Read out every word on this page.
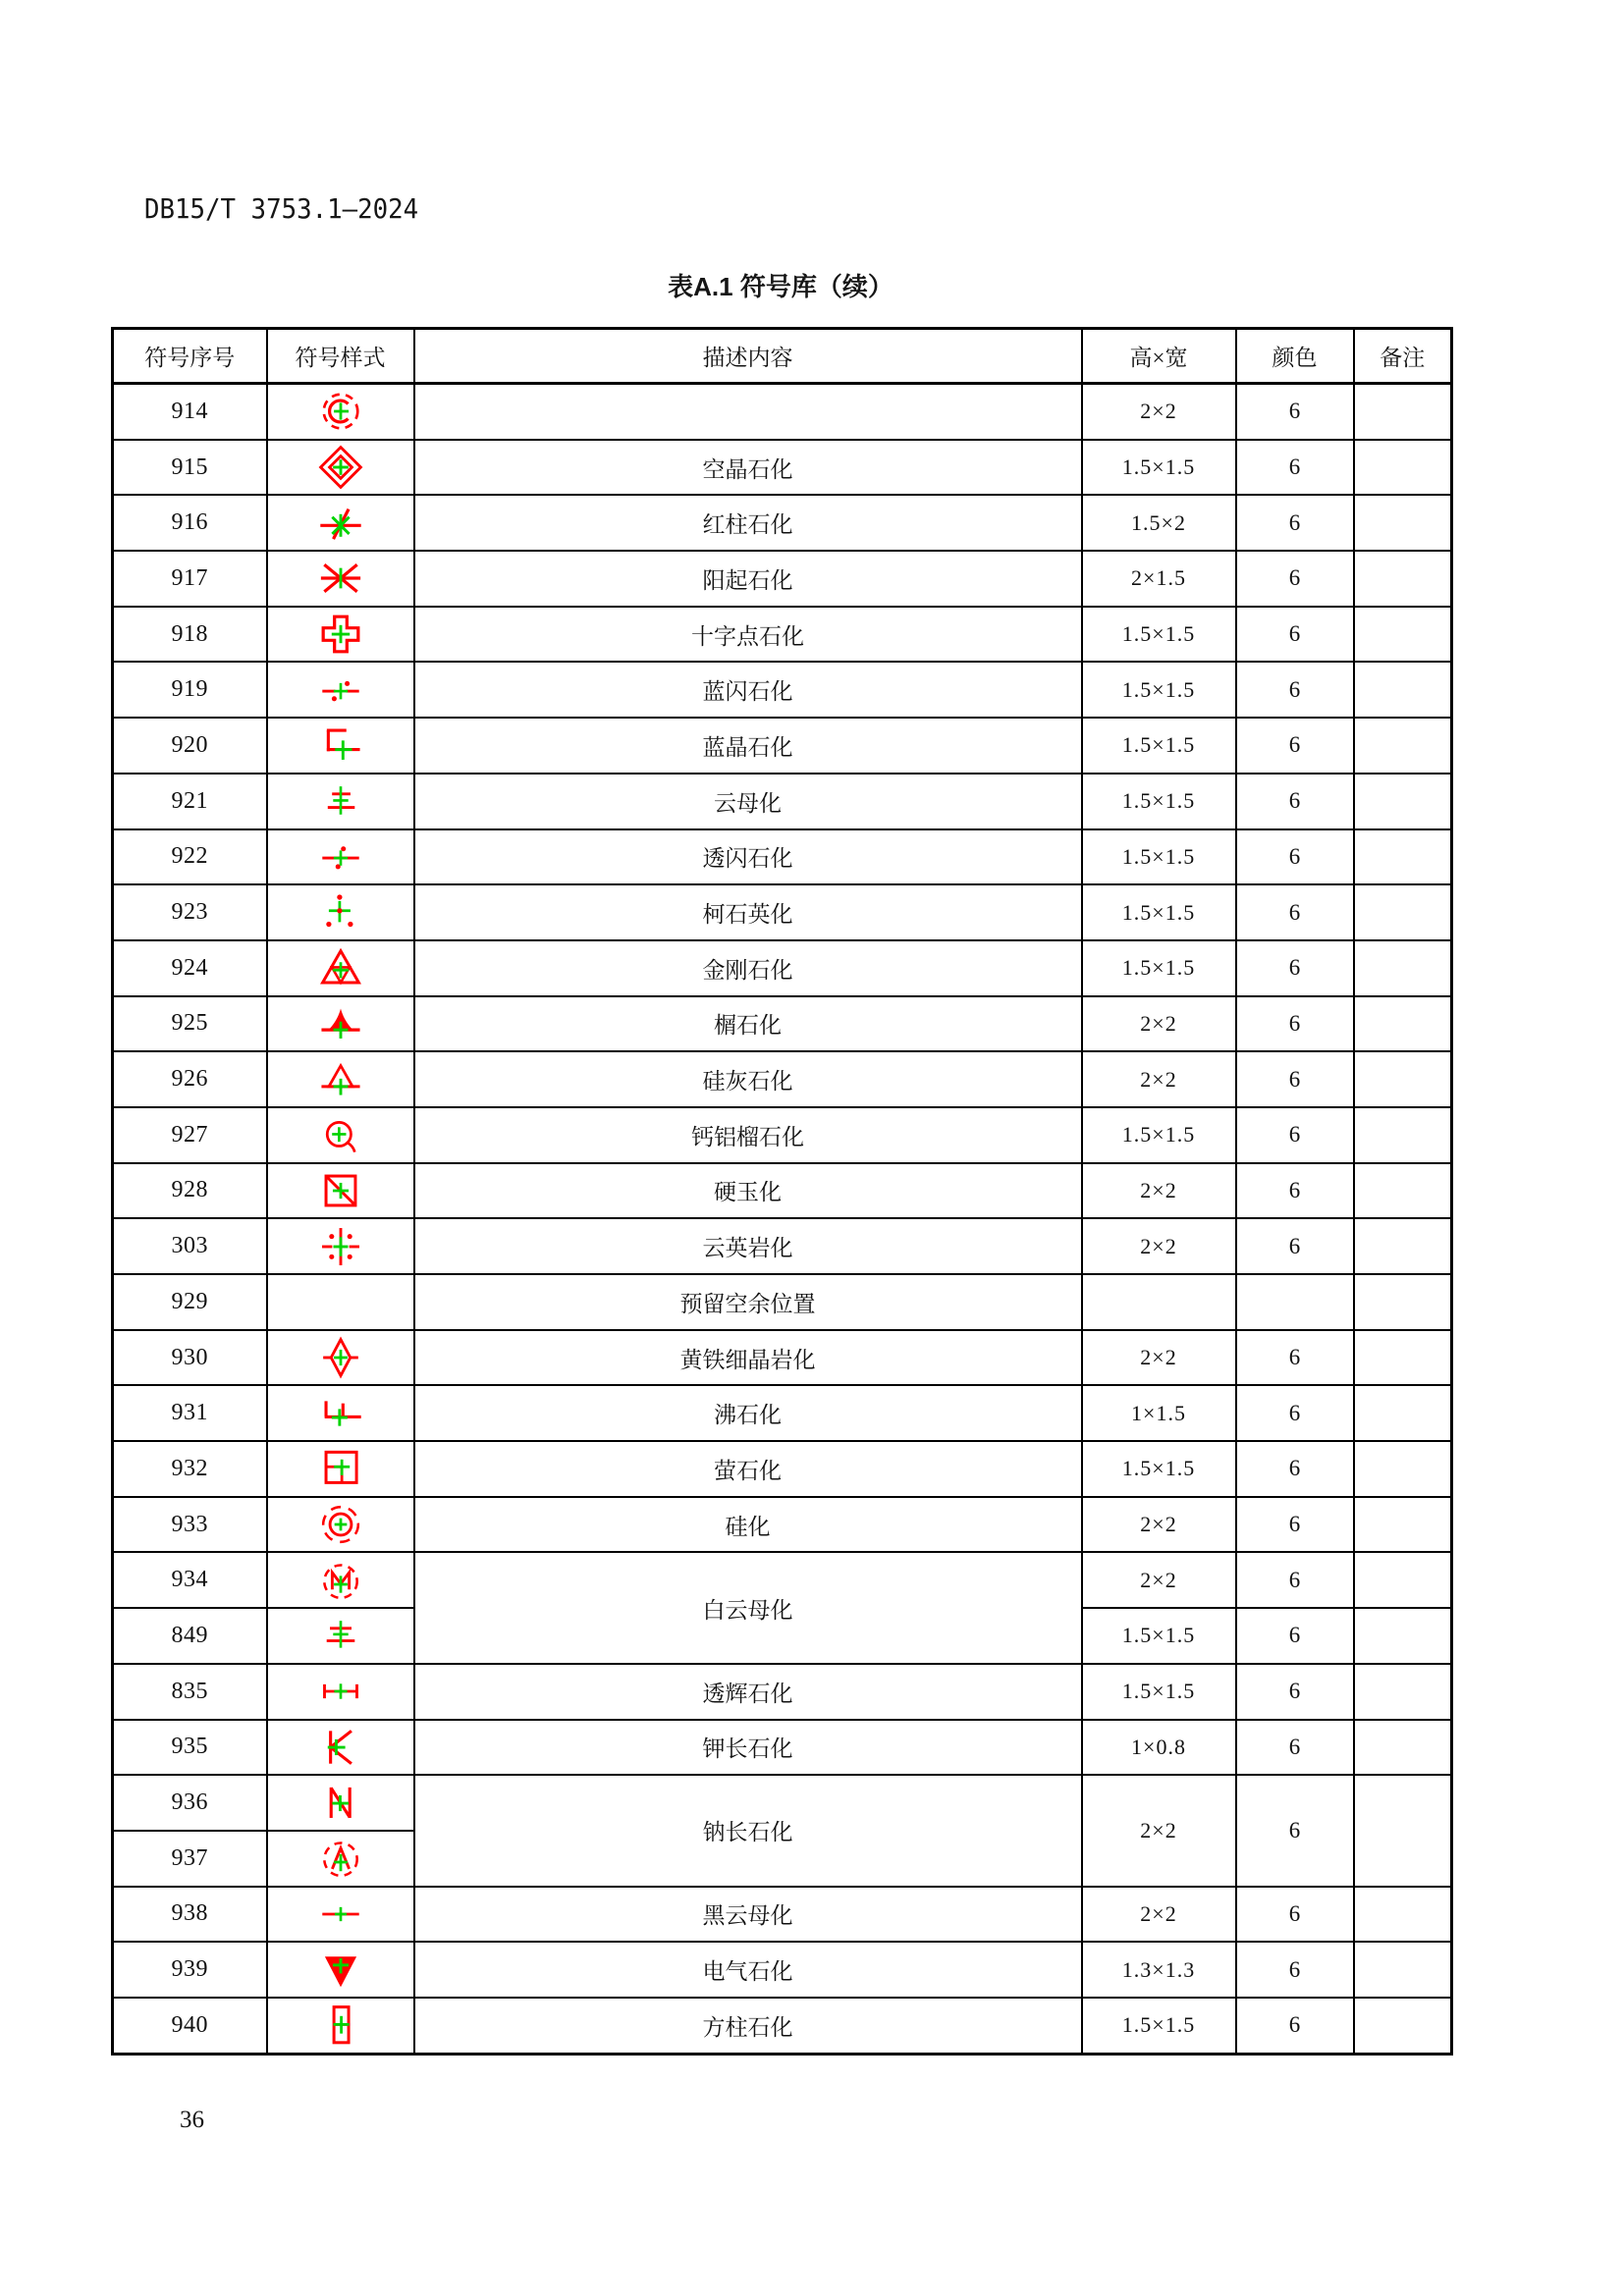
DB15/T 3753.1—2024
表A.1 符号库（续）
符号序号	符号样式	描述内容	高×宽	颜色	备注
914			2×2	6	
915		空晶石化	1.5×1.5	6	
916		红柱石化	1.5×2	6	
917		阳起石化	2×1.5	6	
918		十字点石化	1.5×1.5	6	
919		蓝闪石化	1.5×1.5	6	
920		蓝晶石化	1.5×1.5	6	
921		云母化	1.5×1.5	6	
922		透闪石化	1.5×1.5	6	
923		柯石英化	1.5×1.5	6	
924		金刚石化	1.5×1.5	6	
925		榍石化	2×2	6	
926		硅灰石化	2×2	6	
927		钙铝榴石化	1.5×1.5	6	
928		硬玉化	2×2	6	
303		云英岩化	2×2	6	
929		预留空余位置			
930		黄铁细晶岩化	2×2	6	
931		沸石化	1×1.5	6	
932		萤石化	1.5×1.5	6	
933		硅化	2×2	6	
934		白云母化	2×2	6	
849			1.5×1.5	6	
835		透辉石化	1.5×1.5	6	
935		钾长石化	1×0.8	6	
936		钠长石化	2×2	6	
937	
938		黑云母化	2×2	6	
939		电气石化	1.3×1.3	6	
940		方柱石化	1.5×1.5	6	
36
